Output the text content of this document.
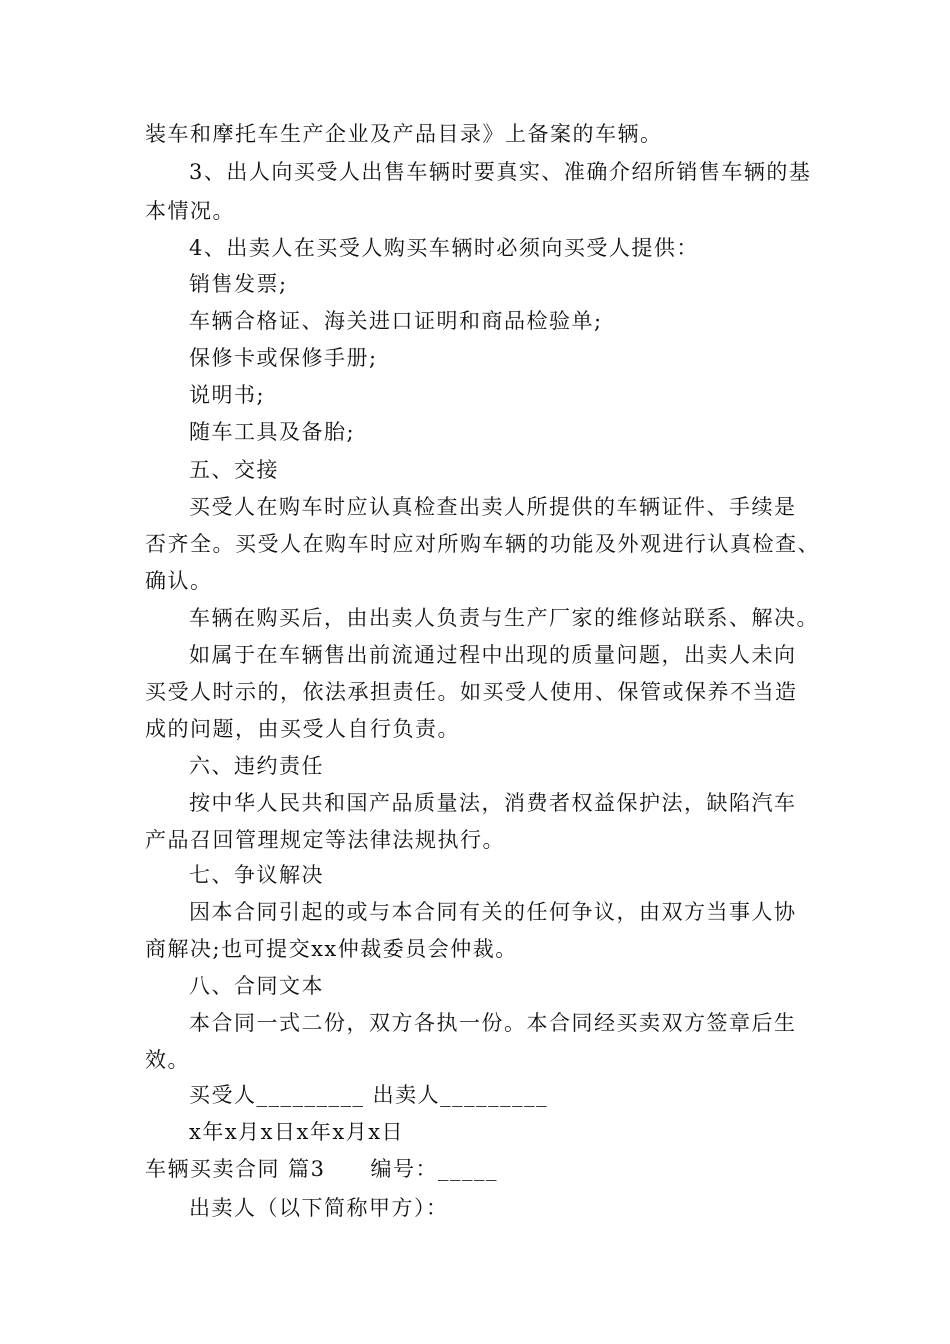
装车和摩托车生产企业及产品目录》上备案的车辆。

3、出人向买受人出售车辆时要真实、准确介绍所销售车辆的基

本情况。

4、出卖人在买受人购买车辆时必须向买受人提供：

销售发票;

车辆合格证、海关进口证明和商品检验单;

保修卡或保修手册;

说明书;

随车工具及备胎;

五、交接

买受人在购车时应认真检查出卖人所提供的车辆证件、手续是

否齐全。买受人在购车时应对所购车辆的功能及外观进行认真检查、

确认。

车辆在购买后，由出卖人负责与生产厂家的维修站联系、解决。

如属于在车辆售出前流通过程中出现的质量问题，出卖人未向

买受人时示的，依法承担责任。如买受人使用、保管或保养不当造

成的问题，由买受人自行负责。

六、违约责任

按中华人民共和国产品质量法，消费者权益保护法，缺陷汽车

产品召回管理规定等法律法规执行。

七、争议解决

因本合同引起的或与本合同有关的任何争议，由双方当事人协

商解决;也可提交xx仲裁委员会仲裁。

八、合同文本

本合同一式二份，双方各执一份。本合同经买卖双方签章后生

效。

买受人_________ 出卖人_________

x年x月x日x年x月x日

车辆买卖合同 篇3　　编号：_____

出卖人（以下简称甲方）：
